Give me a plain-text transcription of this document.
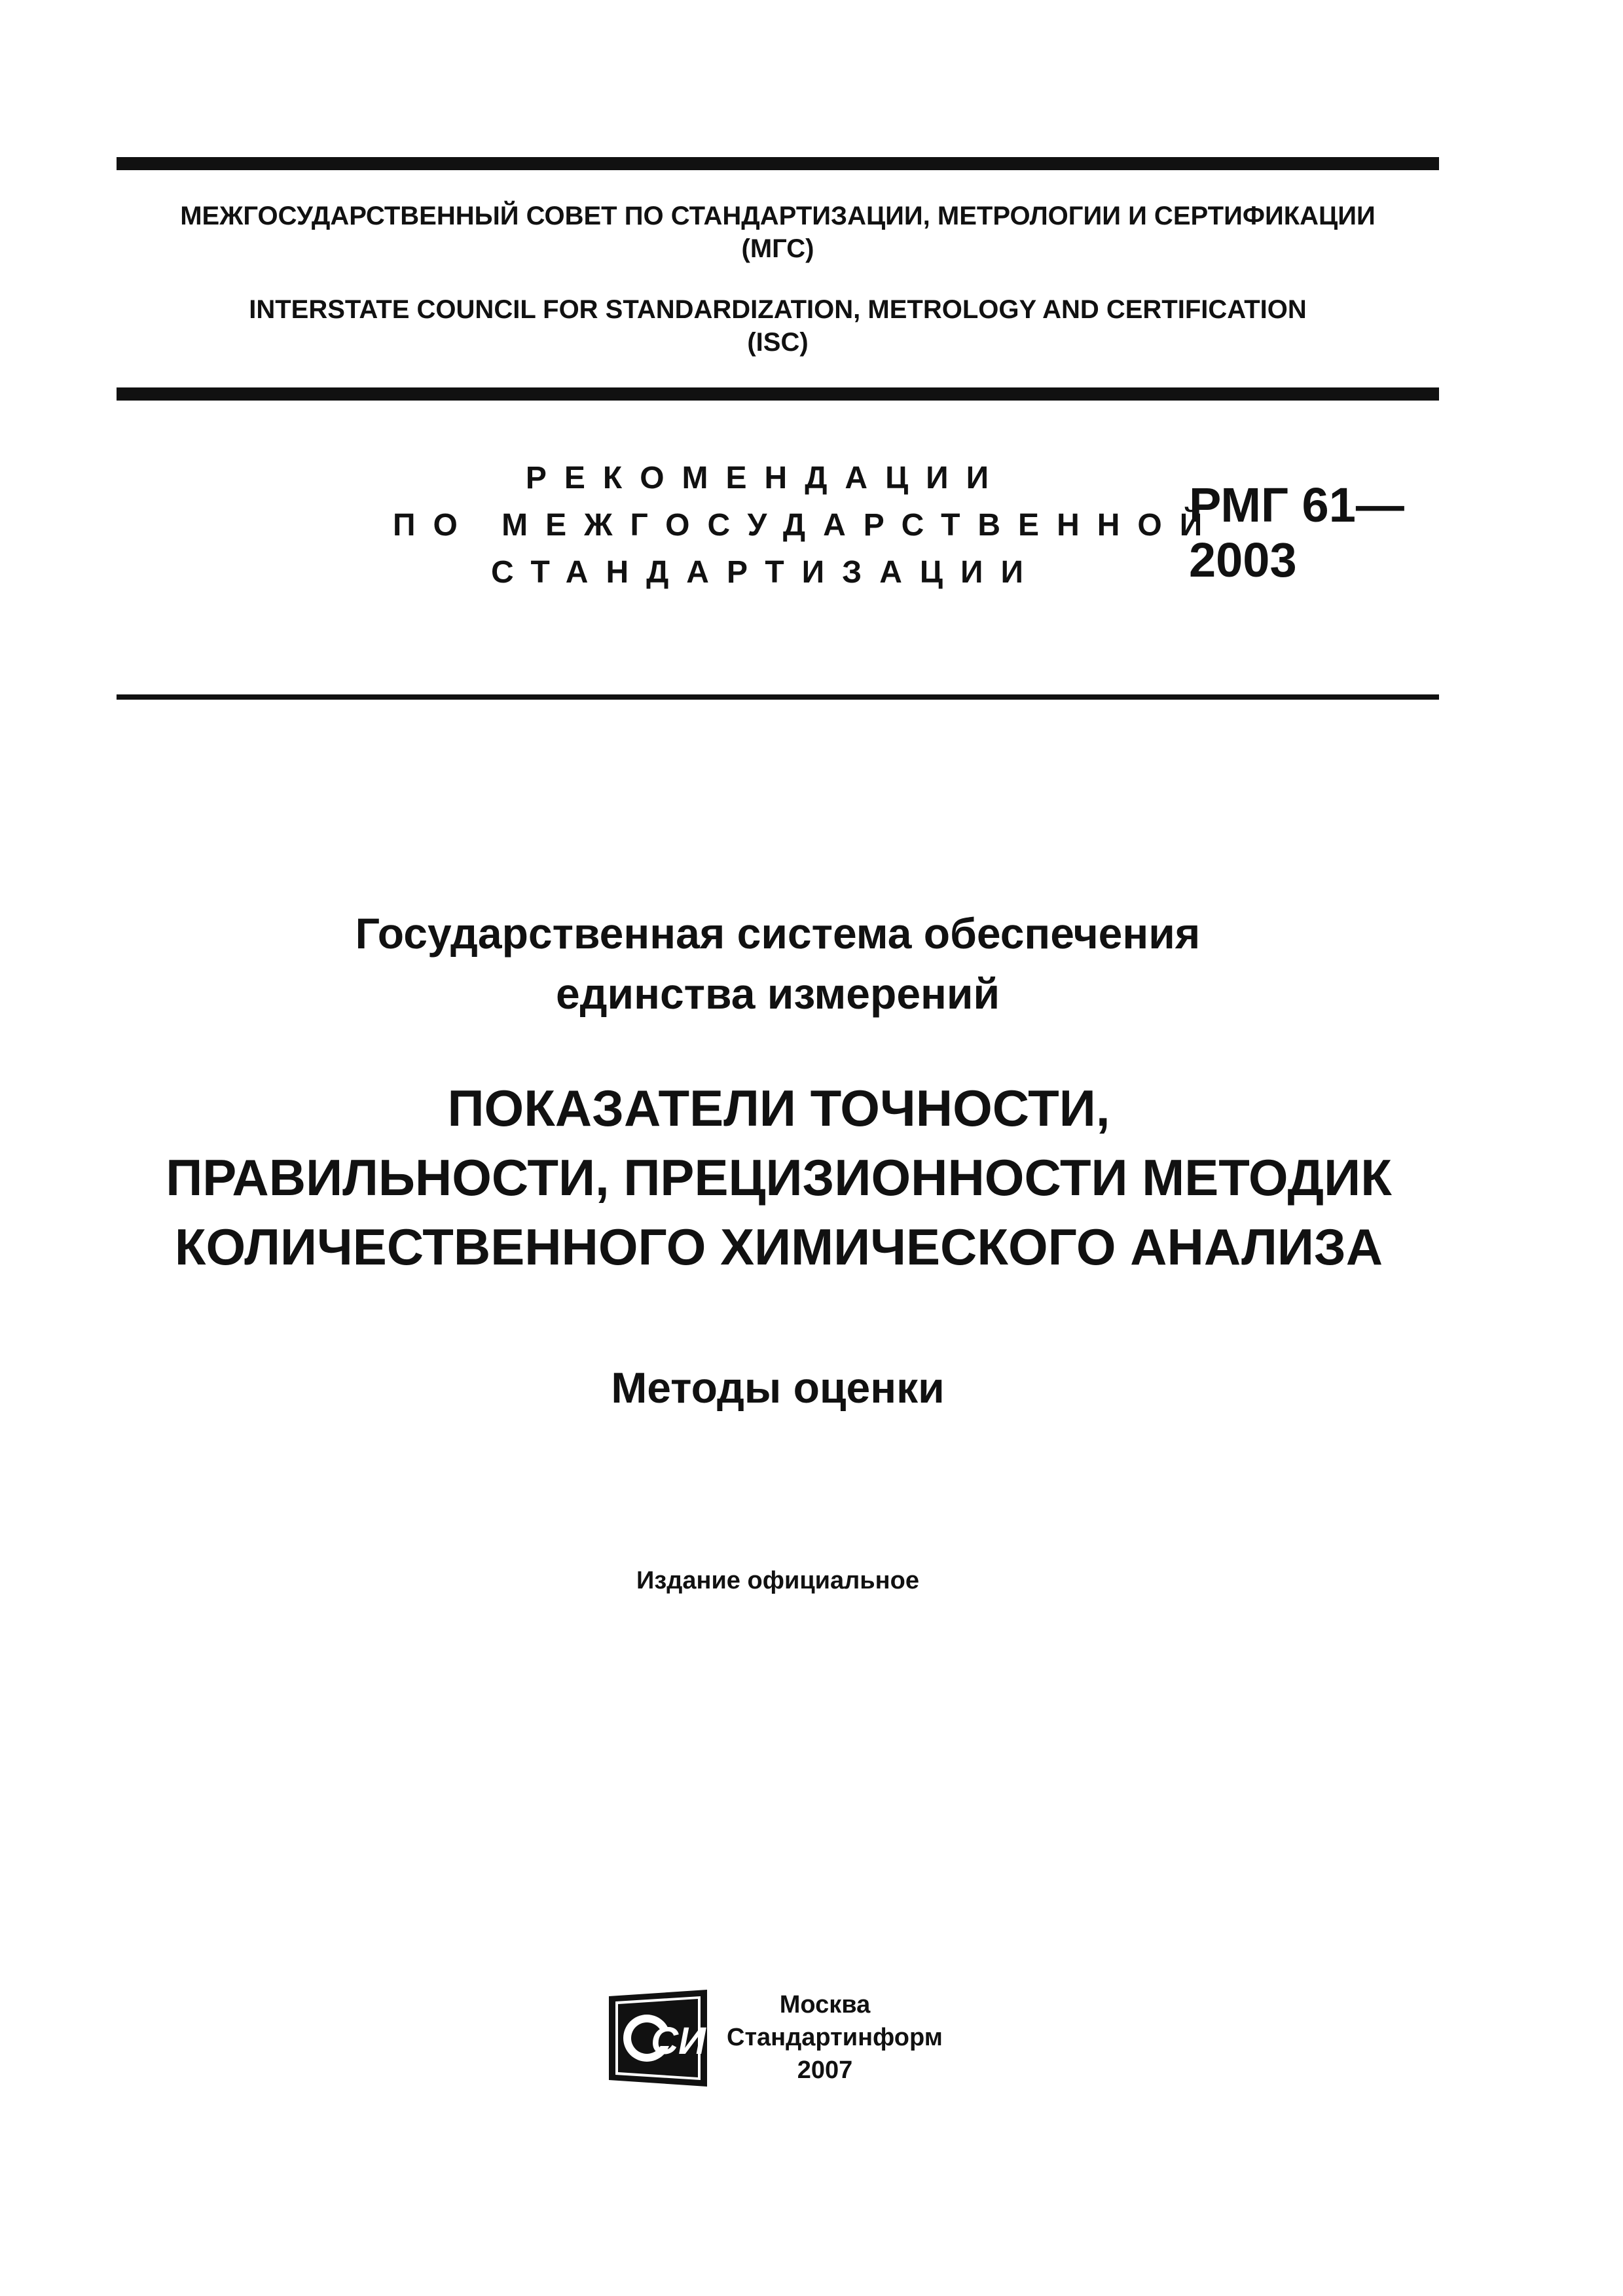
МЕЖГОСУДАРСТВЕННЫЙ СОВЕТ ПО СТАНДАРТИЗАЦИИ, МЕТРОЛОГИИ И СЕРТИФИКАЦИИ
(МГС)
INTERSTATE COUNCIL FOR STANDARDIZATION, METROLOGY AND CERTIFICATION
(ISC)
РЕКОМЕНДАЦИИ
ПО МЕЖГОСУДАРСТВЕННОЙ
СТАНДАРТИЗАЦИИ
РМГ 61—
2003
Государственная система обеспечения
единства измерений
ПОКАЗАТЕЛИ ТОЧНОСТИ,
ПРАВИЛЬНОСТИ, ПРЕЦИЗИОННОСТИ МЕТОДИК
КОЛИЧЕСТВЕННОГО ХИМИЧЕСКОГО АНАЛИЗА
Методы оценки
Издание официальное
СИ
Москва
Стандартинформ
2007
